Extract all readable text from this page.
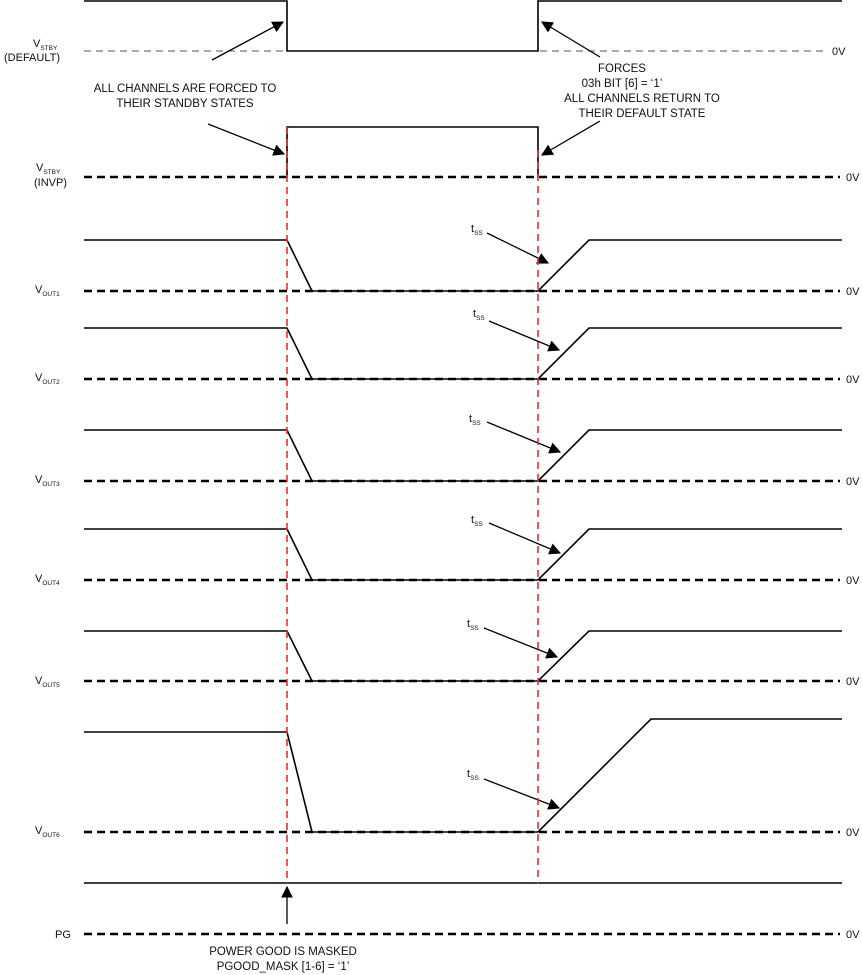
$V_{STBY}$
(DEFAULT)	0V
ALL CHANNELS ARE FORCED TO
THEIR STANDBY STATES
FORCES
03h BIT [6] = ‘1’
ALL CHANNELS RETURN TO
THEIR DEFAULT STATE
$V_{STBY}$
(INVP)	0V
$t_{SS}$
$V_{OUT1}$	0V
$t_{SS}$
$V_{OUT2}$	0V
$t_{SS}$
$V_{OUT3}$	0V
$t_{SS}$
$V_{OUT4}$	0V
$t_{SS}$
$V_{OUT5}$	0V
$t_{SS}$
$V_{OUT6}$	0V
PG	0V
POWER GOOD IS MASKED
PGOOD_MASK [1-6] = ‘1’
